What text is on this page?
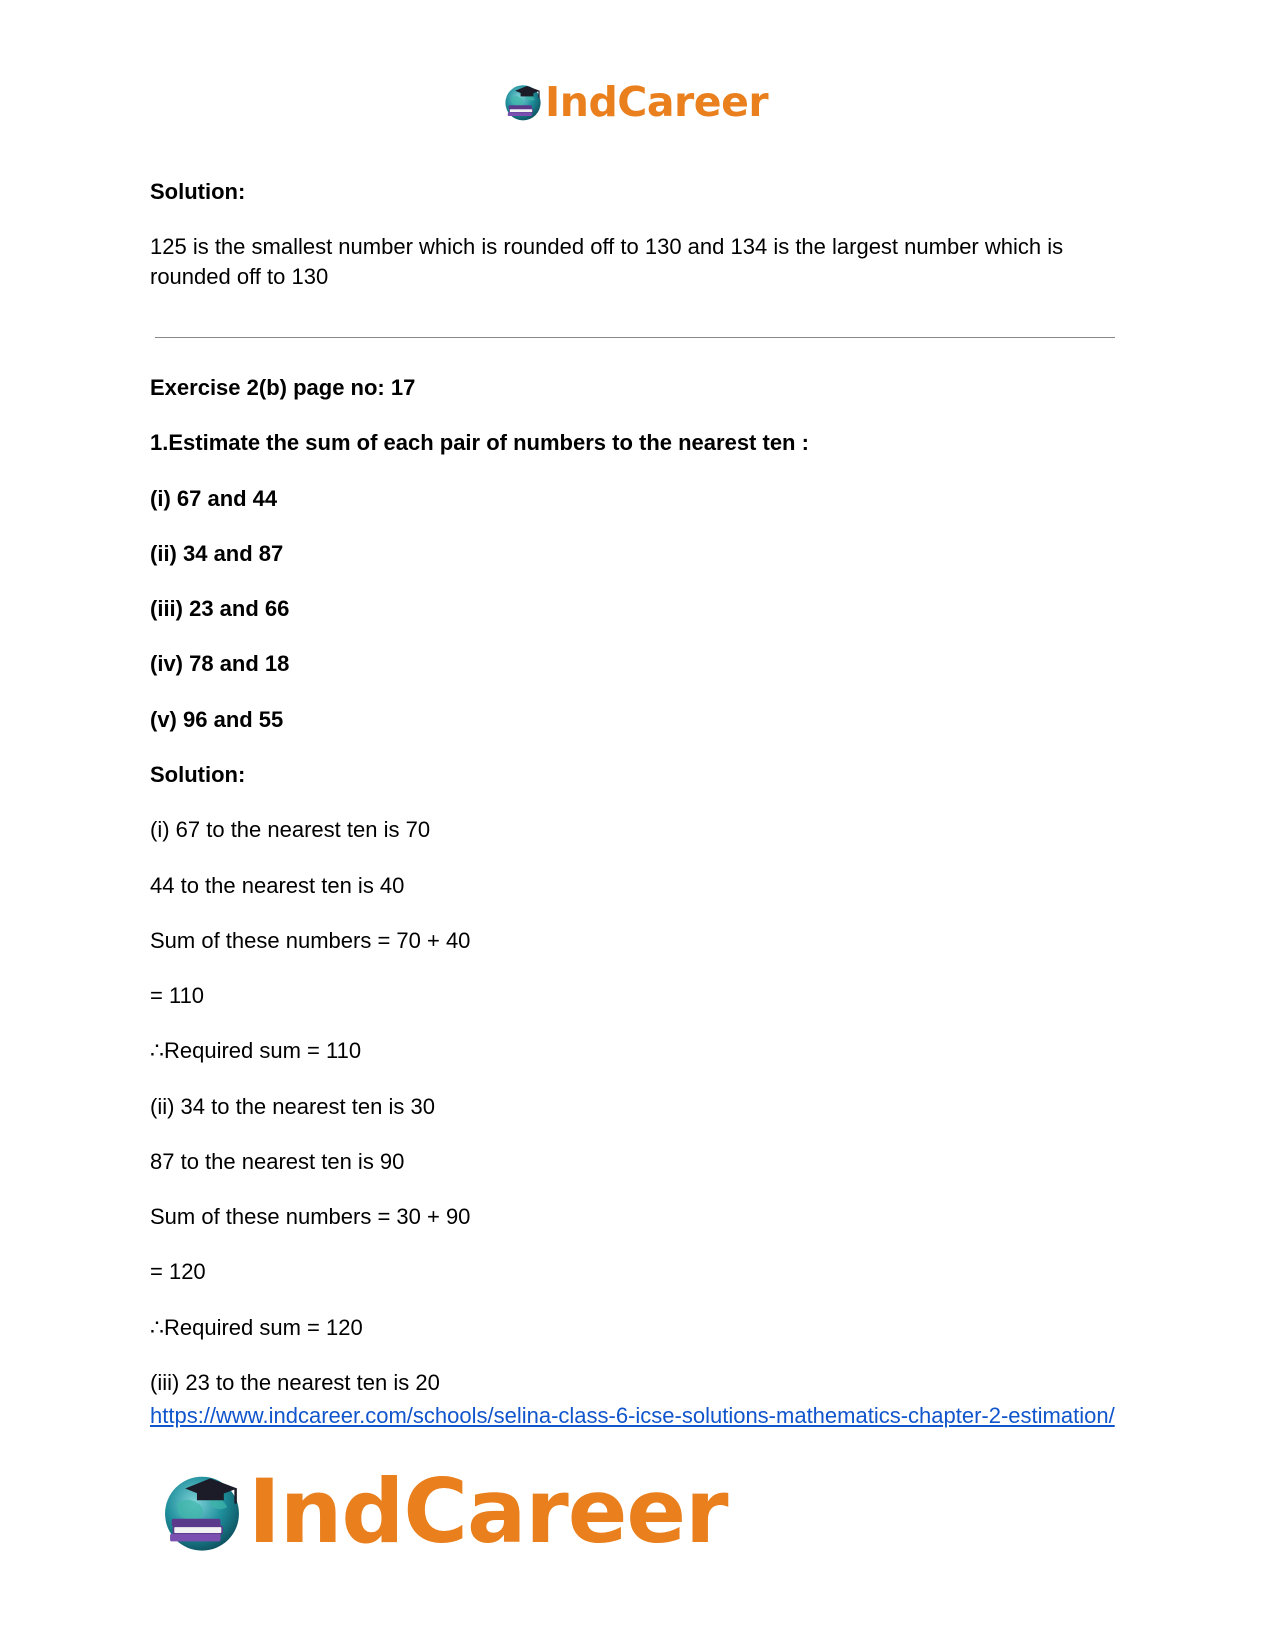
IndCareer
Solution:
125 is the smallest number which is rounded off to 130 and 134 is the largest number which is rounded off to 130
Exercise 2(b) page no: 17
1.Estimate the sum of each pair of numbers to the nearest ten :
(i) 67 and 44
(ii) 34 and 87
(iii) 23 and 66
(iv) 78 and 18
(v) 96 and 55
Solution:
(i) 67 to the nearest ten is 70
44 to the nearest ten is 40
Sum of these numbers = 70 + 40
= 110
∴Required sum = 110
(ii) 34 to the nearest ten is 30
87 to the nearest ten is 90
Sum of these numbers = 30 + 90
= 120
∴Required sum = 120
(iii) 23 to the nearest ten is 20
https://www.indcareer.com/schools/selina-class-6-icse-solutions-mathematics-chapter-2-estimation/
IndCareer
